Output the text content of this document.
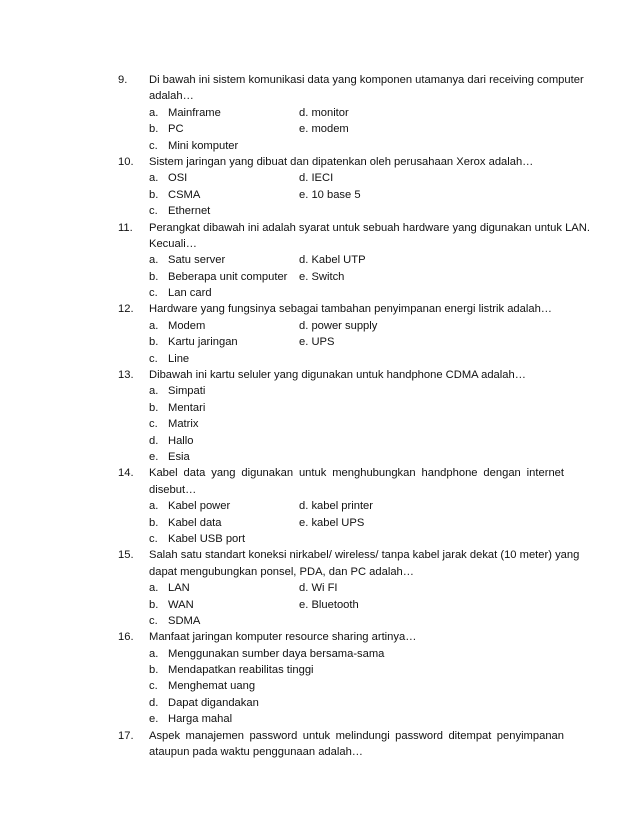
9. Di bawah ini sistem komunikasi data yang komponen utamanya dari receiving computer
adalah…
a. Mainframe	d. monitor
b. PC	e. modem
c. Mini komputer
10. Sistem jaringan yang dibuat dan dipatenkan oleh perusahaan Xerox adalah…
a. OSI	d. IECI
b. CSMA	e. 10 base 5
c. Ethernet
11. Perangkat dibawah ini adalah syarat untuk sebuah hardware yang digunakan untuk LAN.
Kecuali…
a. Satu server	d. Kabel UTP
b. Beberapa unit computer e. Switch
c. Lan card
12. Hardware yang fungsinya sebagai tambahan penyimpanan energi listrik adalah…
a. Modem	d. power supply
b. Kartu jaringan	e. UPS
c. Line
13. Dibawah ini kartu seluler yang digunakan untuk handphone CDMA adalah…
a. Simpati
b. Mentari
c. Matrix
d. Hallo
e. Esia
14. Kabel data yang digunakan untuk menghubungkan handphone dengan internet
disebut…
a. Kabel power	d. kabel printer
b. Kabel data	e. kabel UPS
c. Kabel USB port
15. Salah satu standart koneksi nirkabel/ wireless/ tanpa kabel jarak dekat (10 meter) yang
dapat mengubungkan ponsel, PDA, dan PC adalah…
a. LAN	d. Wi FI
b. WAN	e. Bluetooth
c. SDMA
16. Manfaat jaringan komputer resource sharing artinya…
a. Menggunakan sumber daya bersama-sama
b. Mendapatkan reabilitas tinggi
c. Menghemat uang
d. Dapat digandakan
e. Harga mahal
17. Aspek manajemen password untuk melindungi password ditempat penyimpanan
ataupun pada waktu penggunaan adalah…
